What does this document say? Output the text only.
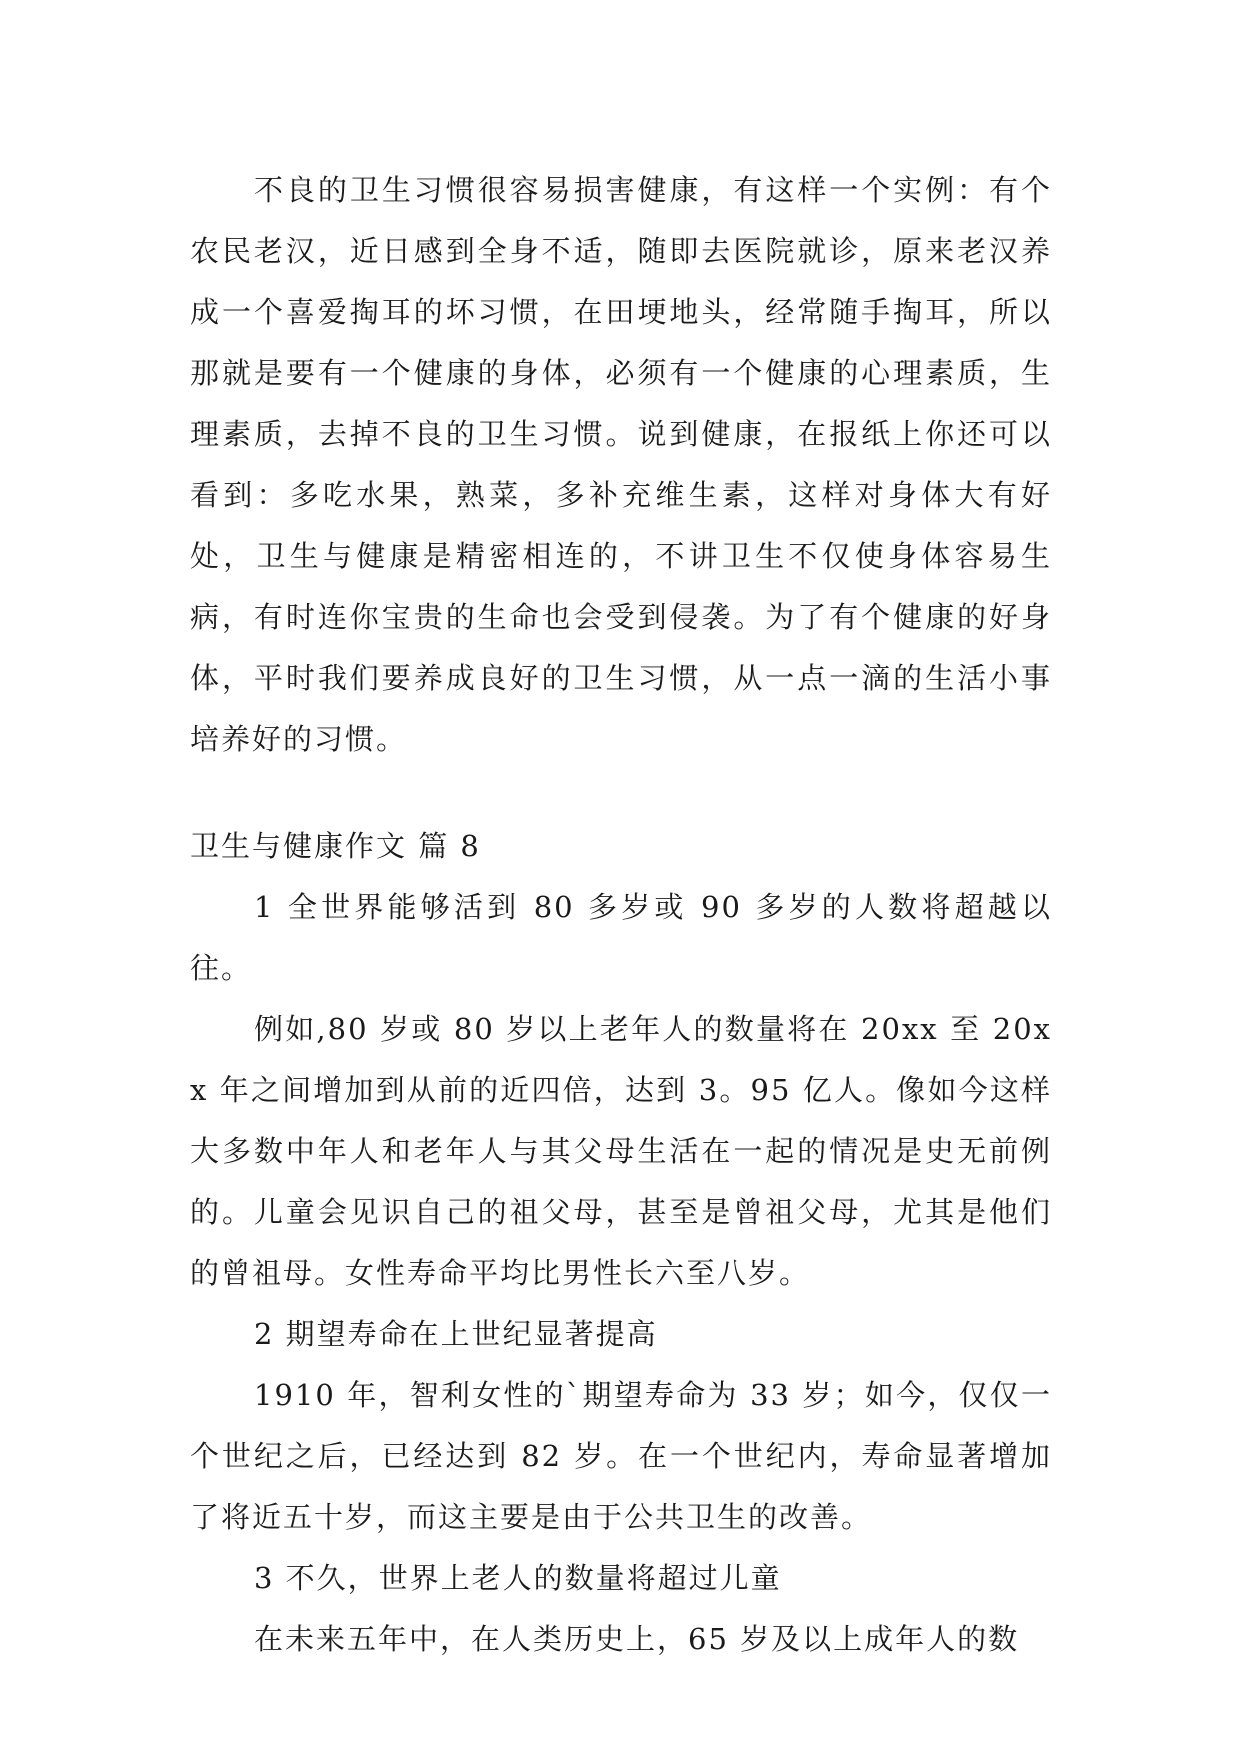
不良的卫生习惯很容易损害健康，有这样一个实例：有个农民老汉，近日感到全身不适，随即去医院就诊，原来老汉养成一个喜爱掏耳的坏习惯，在田埂地头，经常随手掏耳，所以那就是要有一个健康的身体，必须有一个健康的心理素质，生理素质，去掉不良的卫生习惯。说到健康，在报纸上你还可以看到：多吃水果，熟菜，多补充维生素，这样对身体大有好处，卫生与健康是精密相连的，不讲卫生不仅使身体容易生病，有时连你宝贵的生命也会受到侵袭。为了有个健康的好身体，平时我们要养成良好的卫生习惯，从一点一滴的生活小事培养好的习惯。

卫生与健康作文 篇 8

1 全世界能够活到 80 多岁或 90 多岁的人数将超越以往。

例如,80 岁或 80 岁以上老年人的数量将在 20xx 至 20xx 年之间增加到从前的近四倍，达到 3。95 亿人。像如今这样大多数中年人和老年人与其父母生活在一起的情况是史无前例的。儿童会见识自己的祖父母，甚至是曾祖父母，尤其是他们的曾祖母。女性寿命平均比男性长六至八岁。

2 期望寿命在上世纪显著提高

1910 年，智利女性的`期望寿命为 33 岁；如今，仅仅一个世纪之后，已经达到 82 岁。在一个世纪内，寿命显著增加了将近五十岁，而这主要是由于公共卫生的改善。

3 不久，世界上老人的数量将超过儿童

在未来五年中，在人类历史上，65 岁及以上成年人的数
